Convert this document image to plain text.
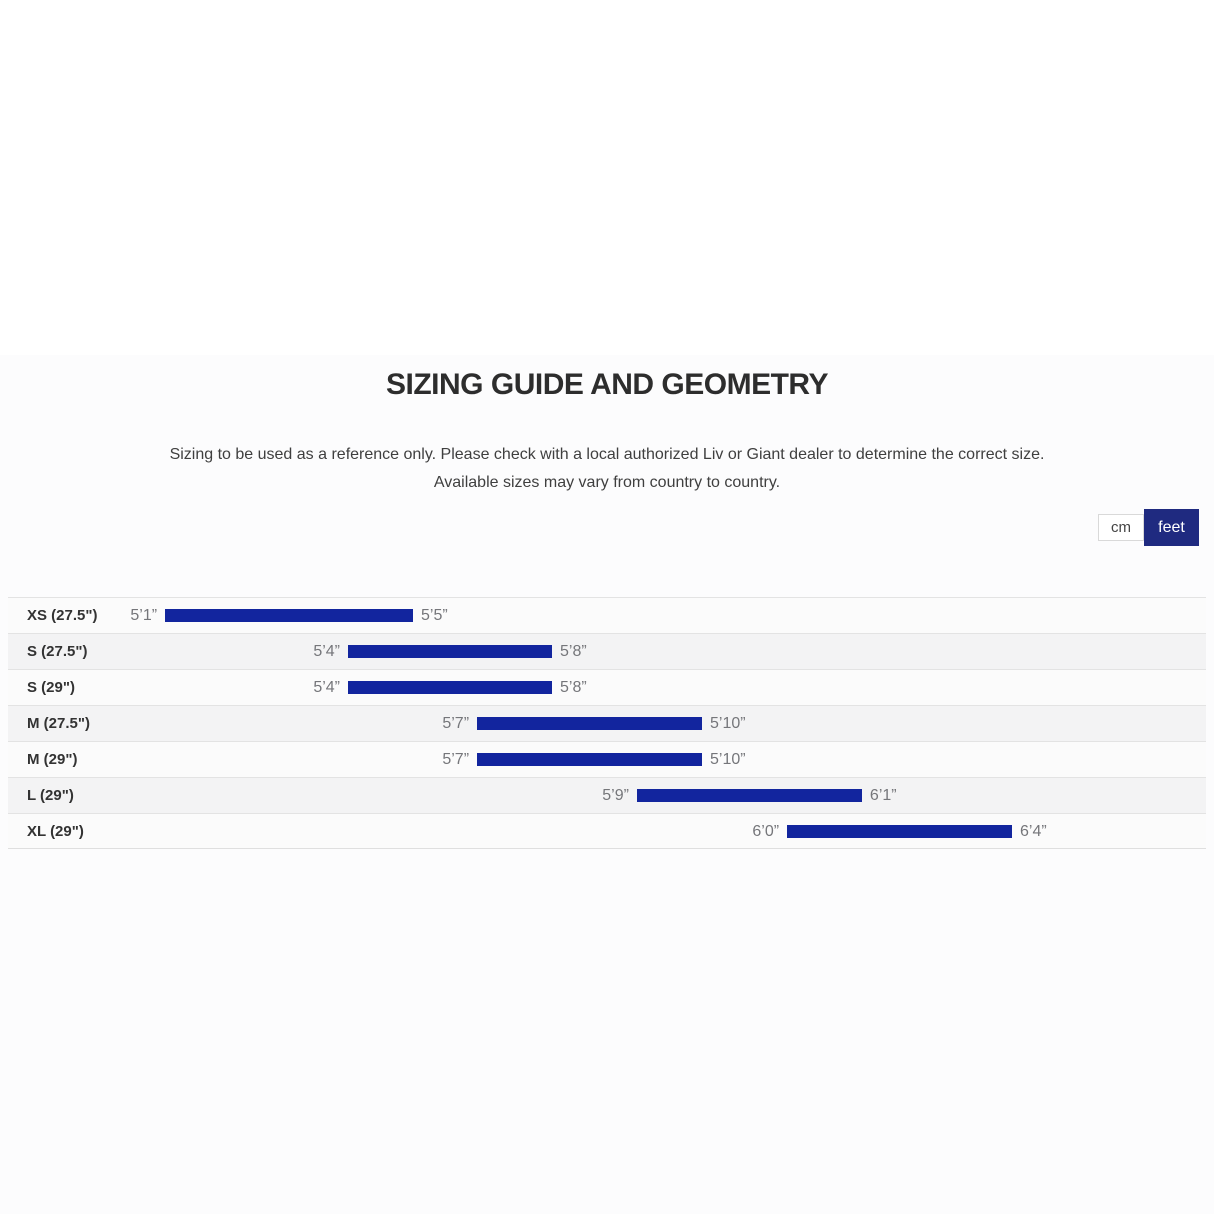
SIZING GUIDE AND GEOMETRY
Sizing to be used as a reference only. Please check with a local authorized Liv or Giant dealer to determine the correct size.
Available sizes may vary from country to country.
cm	feet
XS (27.5") 5’1”	5’5”
S (27.5")	5’4”	5’8”
S (29")	5’4”	5’8”
M (27.5")	5’7”	5’10”
M (29")	5’7”	5’10”
L (29")	5’9”	6’1”
XL (29")	6’0”	6’4”
